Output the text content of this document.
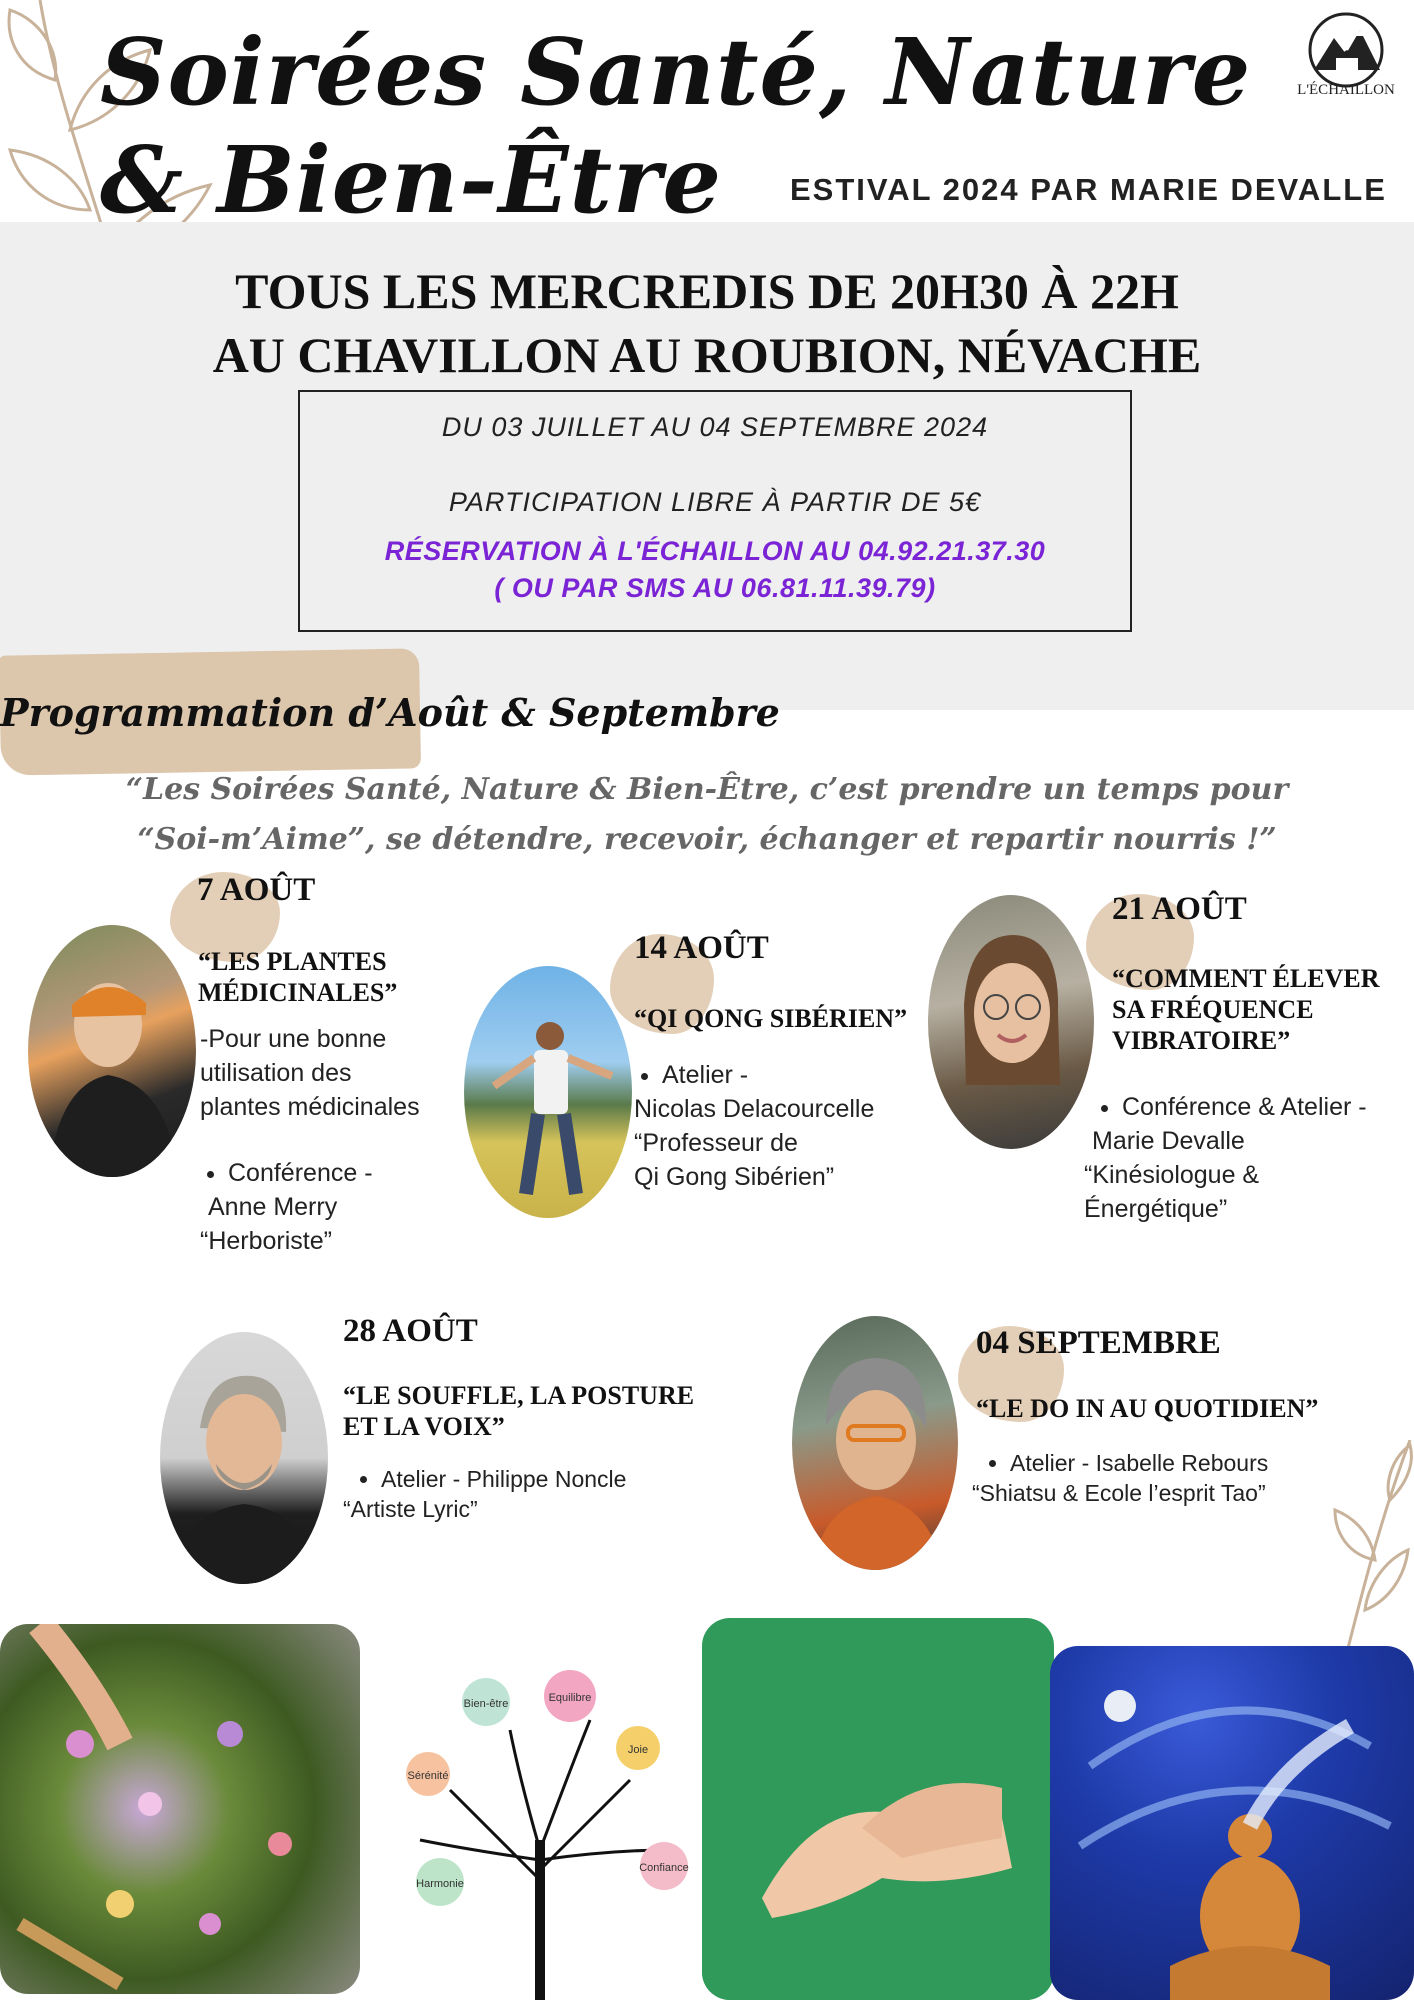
Soirées Santé, Nature
& Bien-Être ESTIVAL 2024 PAR MARIE DEVALLE
L'ÉCHAILLON
TOUS LES MERCREDIS DE 20H30 À 22H
AU CHAVILLON AU ROUBION, NÉVACHE
DU 03 JUILLET AU 04 SEPTEMBRE 2024
PARTICIPATION LIBRE À PARTIR DE 5€
RÉSERVATION À L'ÉCHAILLON AU 04.92.21.37.30
( OU PAR SMS AU 06.81.11.39.79)
Programmation d’Août & Septembre
“Les Soirées Santé, Nature & Bien-Être, c’est prendre un temps pour
“Soi-m’Aime”, se détendre, recevoir, échanger et repartir nourris !”
7 AOÛT
“LES PLANTES
MÉDICINALES”
-Pour une bonne
utilisation des
plantes médicinales
• Conférence -
Anne Merry
“Herboriste”
14 AOÛT
“QI QONG SIBÉRIEN”
• Atelier -
Nicolas Delacourcelle
“Professeur de
Qi Gong Sibérien”
21 AOÛT
“COMMENT ÉLEVER
SA FRÉQUENCE
VIBRATOIRE”
• Conférence & Atelier -
Marie Devalle
“Kinésiologue &
Énergétique”
28 AOÛT
“LE SOUFFLE, LA POSTURE
ET LA VOIX”
• Atelier - Philippe Noncle
“Artiste Lyric”
04 SEPTEMBRE
“LE DO IN AU QUOTIDIEN”
• Atelier - Isabelle Rebours
“Shiatsu & Ecole l’esprit Tao”
Bien-être	Equilibre
Joie
Sérénité
Harmonie
Confiance
